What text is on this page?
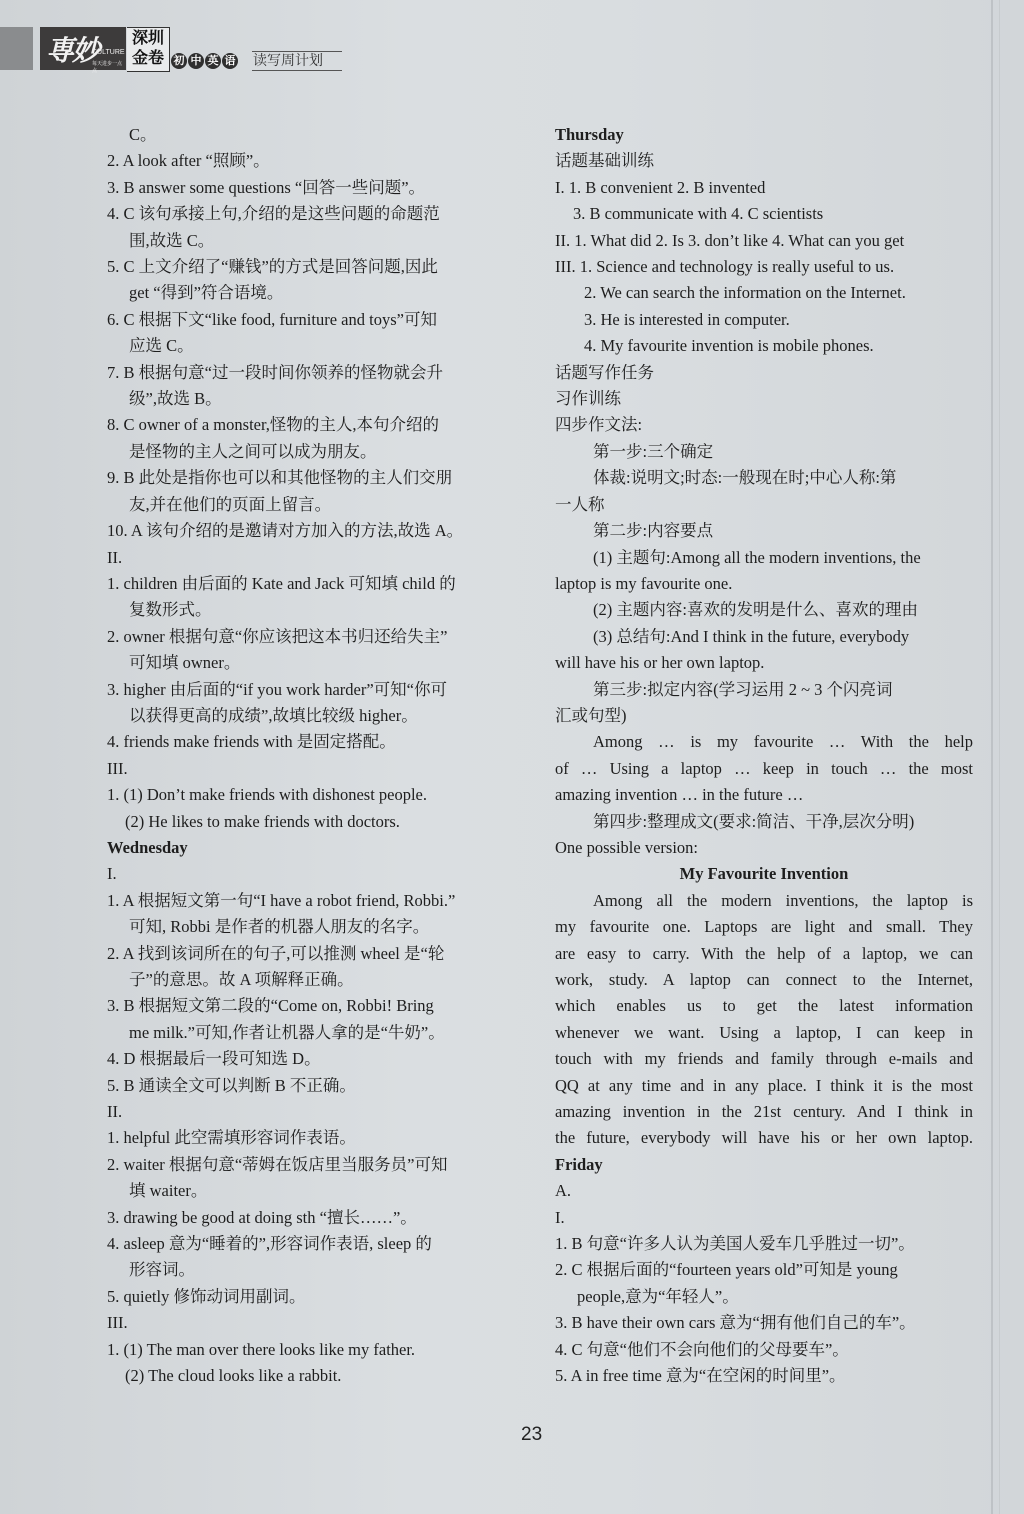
専妙
CULTURE
每天进步一点点
深圳
金卷 初 中 英 语 读写周计划
C。
2. A look after “照顾”。
3. B answer some questions “回答一些问题”。
4. C 该句承接上句,介绍的是这些问题的命题范
围,故选 C。
5. C 上文介绍了“赚钱”的方式是回答问题,因此
get “得到”符合语境。
6. C 根据下文“like food, furniture and toys”可知
应选 C。
7. B 根据句意“过一段时间你领养的怪物就会升
级”,故选 B。
8. C owner of a monster,怪物的主人,本句介绍的
是怪物的主人之间可以成为朋友。
9. B 此处是指你也可以和其他怪物的主人们交朋
友,并在他们的页面上留言。
10. A 该句介绍的是邀请对方加入的方法,故选 A。
II.
1. children 由后面的 Kate and Jack 可知填 child 的
复数形式。
2. owner 根据句意“你应该把这本书归还给失主”
可知填 owner。
3. higher 由后面的“if you work harder”可知“你可
以获得更高的成绩”,故填比较级 higher。
4. friends make friends with 是固定搭配。
III.
1. (1) Don’t make friends with dishonest people.
(2) He likes to make friends with doctors.
Wednesday
I.
1. A 根据短文第一句“I have a robot friend, Robbi.”
可知, Robbi 是作者的机器人朋友的名字。
2. A 找到该词所在的句子,可以推测 wheel 是“轮
子”的意思。故 A 项解释正确。
3. B 根据短文第二段的“Come on, Robbi! Bring
me milk.”可知,作者让机器人拿的是“牛奶”。
4. D 根据最后一段可知选 D。
5. B 通读全文可以判断 B 不正确。
II.
1. helpful 此空需填形容词作表语。
2. waiter 根据句意“蒂姆在饭店里当服务员”可知
填 waiter。
3. drawing be good at doing sth “擅长……”。
4. asleep 意为“睡着的”,形容词作表语, sleep 的
形容词。
5. quietly 修饰动词用副词。
III.
1. (1) The man over there looks like my father.
(2) The cloud looks like a rabbit.
Thursday
话题基础训练
I. 1. B convenient 2. B invented
3. B communicate with 4. C scientists
II. 1. What did 2. Is 3. don’t like 4. What can you get
III. 1. Science and technology is really useful to us.
2. We can search the information on the Internet.
3. He is interested in computer.
4. My favourite invention is mobile phones.
话题写作任务
习作训练
四步作文法:
第一步:三个确定
体裁:说明文;时态:一般现在时;中心人称:第
一人称
第二步:内容要点
(1) 主题句:Among all the modern inventions, the
laptop is my favourite one.
(2) 主题内容:喜欢的发明是什么、喜欢的理由
(3) 总结句:And I think in the future, everybody
will have his or her own laptop.
第三步:拟定内容(学习运用 2 ~ 3 个闪亮词
汇或句型)
Among … is my favourite … With the help
of … Using a laptop … keep in touch … the most
amazing invention … in the future …
第四步:整理成文(要求:简洁、干净,层次分明)
One possible version:
My Favourite Invention
Among all the modern inventions, the laptop is
my favourite one. Laptops are light and small. They
are easy to carry. With the help of a laptop, we can
work, study. A laptop can connect to the Internet,
which enables us to get the latest information
whenever we want. Using a laptop, I can keep in
touch with my friends and family through e-mails and
QQ at any time and in any place. I think it is the most
amazing invention in the 21st century. And I think in
the future, everybody will have his or her own laptop.
Friday
A.
I.
1. B 句意“许多人认为美国人爱车几乎胜过一切”。
2. C 根据后面的“fourteen years old”可知是 young
people,意为“年轻人”。
3. B have their own cars 意为“拥有他们自己的车”。
4. C 句意“他们不会向他们的父母要车”。
5. A in free time 意为“在空闲的时间里”。
23
